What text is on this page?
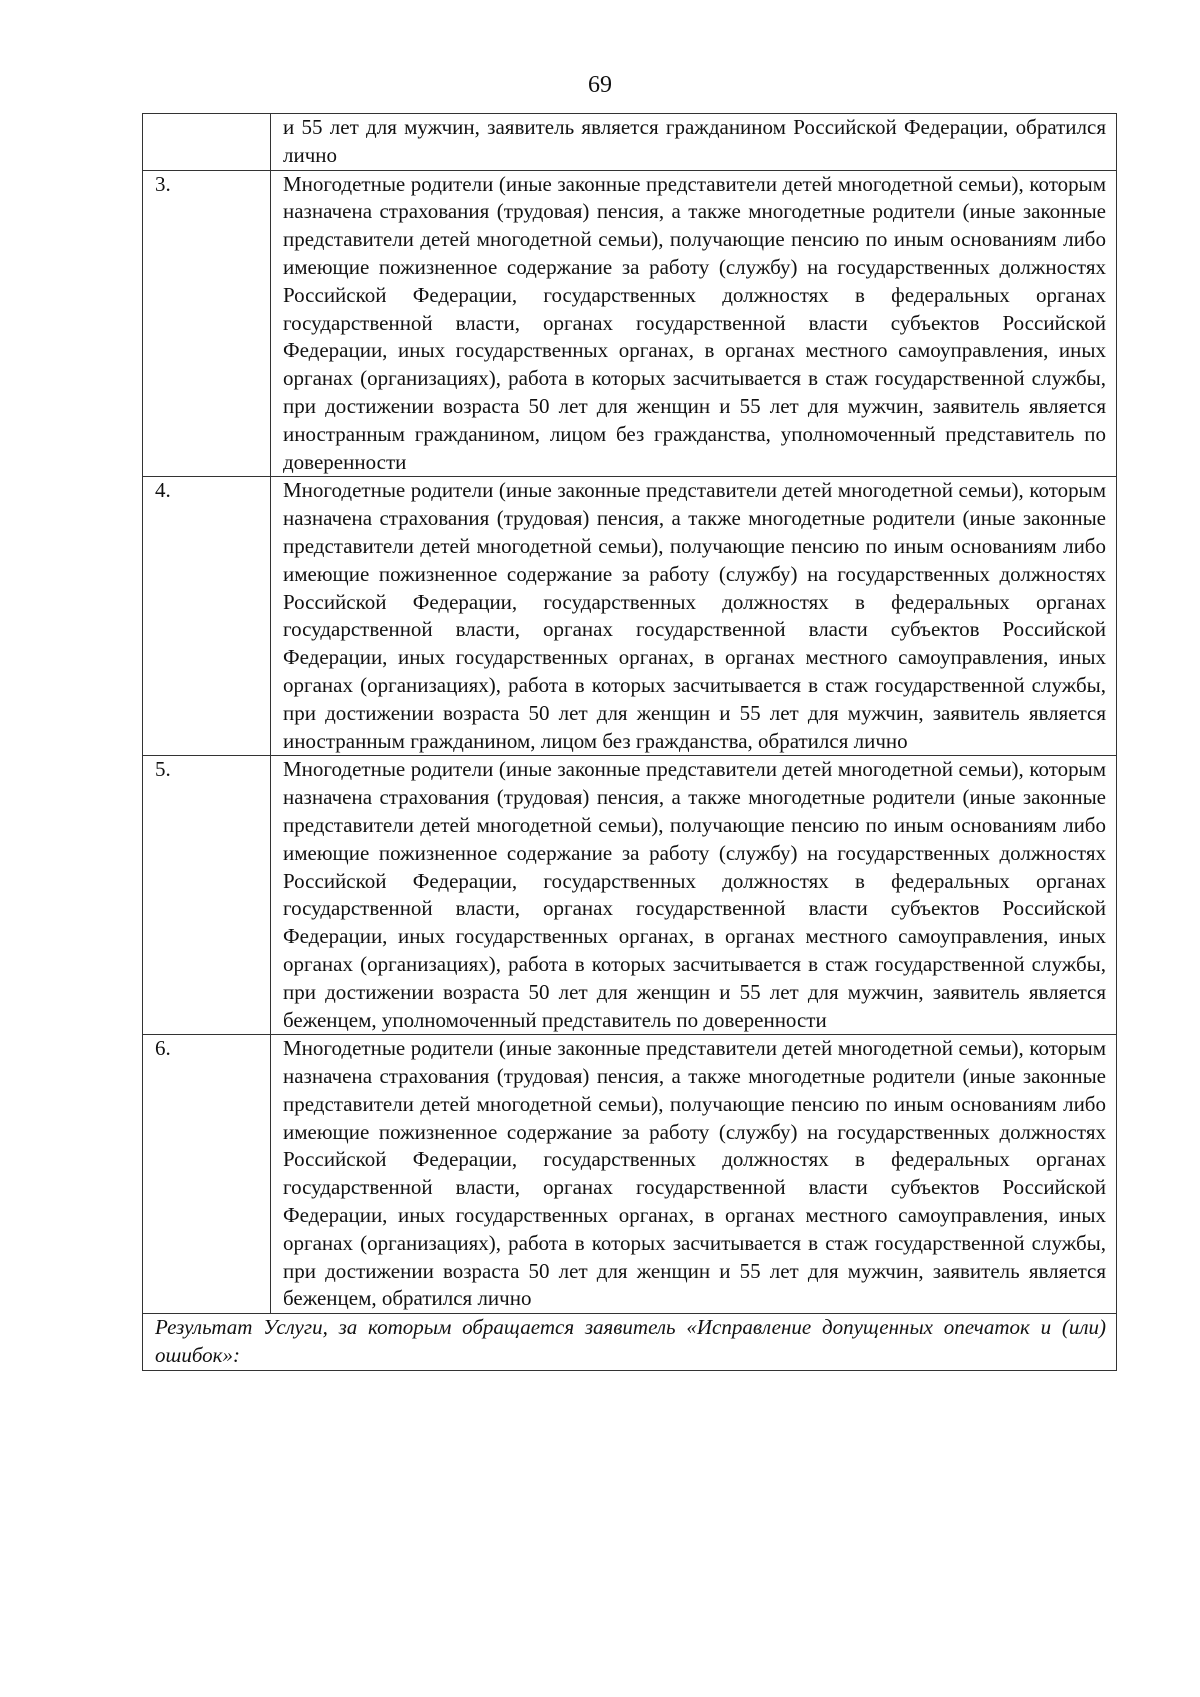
69
	и 55 лет для мужчин, заявитель является гражданином Российской Федерации, обратился лично
3.	Многодетные родители (иные законные представители детей многодетной семьи), которым назначена страхования (трудовая) пенсия, а также многодетные родители (иные законные представители детей многодетной семьи), получающие пенсию по иным основаниям либо имеющие пожизненное содержание за работу (службу) на государственных должностях Российской Федерации, государственных должностях в федеральных органах государственной власти, органах государственной власти субъектов Российской Федерации, иных государственных органах, в органах местного самоуправления, иных органах (организациях), работа в которых засчитывается в стаж государственной службы, при достижении возраста 50 лет для женщин и 55 лет для мужчин, заявитель является иностранным гражданином, лицом без гражданства, уполномоченный представитель по доверенности
4.	Многодетные родители (иные законные представители детей многодетной семьи), которым назначена страхования (трудовая) пенсия, а также многодетные родители (иные законные представители детей многодетной семьи), получающие пенсию по иным основаниям либо имеющие пожизненное содержание за работу (службу) на государственных должностях Российской Федерации, государственных должностях в федеральных органах государственной власти, органах государственной власти субъектов Российской Федерации, иных государственных органах, в органах местного самоуправления, иных органах (организациях), работа в которых засчитывается в стаж государственной службы, при достижении возраста 50 лет для женщин и 55 лет для мужчин, заявитель является иностранным гражданином, лицом без гражданства, обратился лично
5.	Многодетные родители (иные законные представители детей многодетной семьи), которым назначена страхования (трудовая) пенсия, а также многодетные родители (иные законные представители детей многодетной семьи), получающие пенсию по иным основаниям либо имеющие пожизненное содержание за работу (службу) на государственных должностях Российской Федерации, государственных должностях в федеральных органах государственной власти, органах государственной власти субъектов Российской Федерации, иных государственных органах, в органах местного самоуправления, иных органах (организациях), работа в которых засчитывается в стаж государственной службы, при достижении возраста 50 лет для женщин и 55 лет для мужчин, заявитель является беженцем, уполномоченный представитель по доверенности
6.	Многодетные родители (иные законные представители детей многодетной семьи), которым назначена страхования (трудовая) пенсия, а также многодетные родители (иные законные представители детей многодетной семьи), получающие пенсию по иным основаниям либо имеющие пожизненное содержание за работу (службу) на государственных должностях Российской Федерации, государственных должностях в федеральных органах государственной власти, органах государственной власти субъектов Российской Федерации, иных государственных органах, в органах местного самоуправления, иных органах (организациях), работа в которых засчитывается в стаж государственной службы, при достижении возраста 50 лет для женщин и 55 лет для мужчин, заявитель является беженцем, обратился лично
Результат Услуги, за которым обращается заявитель «Исправление допущенных опечаток и (или) ошибок»:	
